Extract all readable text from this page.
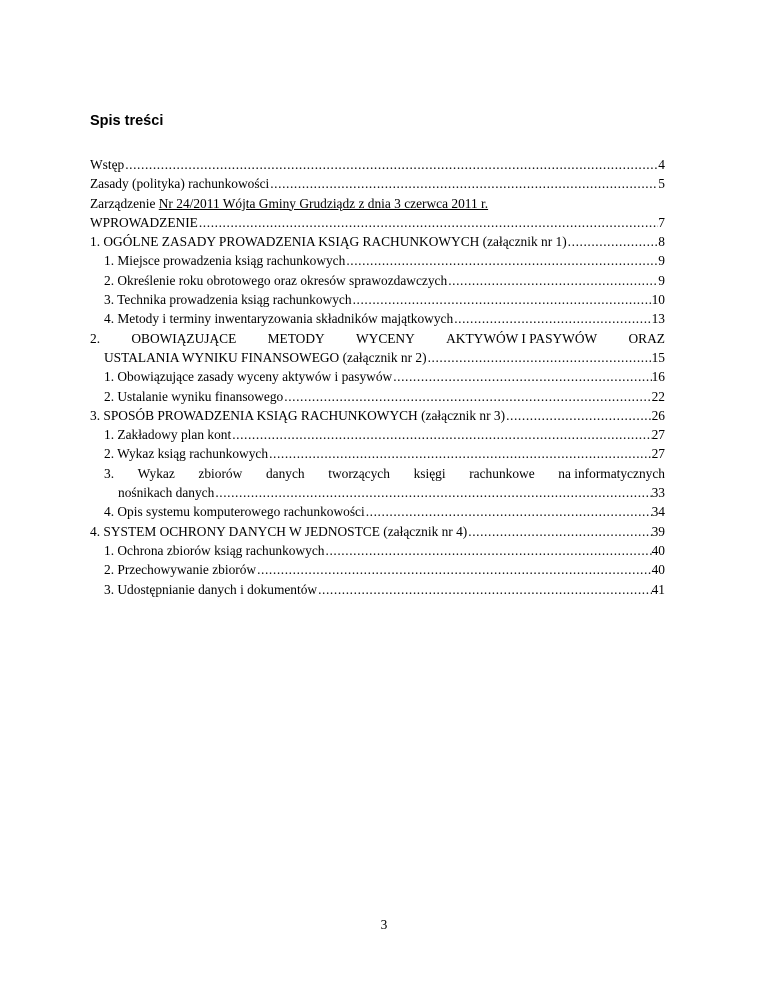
Spis treści
Wstęp .....	4
Zasady (polityka) rachunkowości .....	5
Zarządzenie Nr 24/2011 Wójta Gminy Grudziądz z dnia 3 czerwca 2011 r.
WPROWADZENIE .....	7
1. OGÓLNE ZASADY PROWADZENIA KSIĄG RACHUNKOWYCH (załącznik nr 1) .....	8
1. Miejsce prowadzenia ksiąg rachunkowych .....	9
2. Określenie roku obrotowego oraz okresów sprawozdawczych .....	9
3. Technika prowadzenia ksiąg rachunkowych .....	10
4. Metody i terminy inwentaryzowania składników majątkowych .....	13
2. OBOWIĄZUJĄCE METODY WYCENY AKTYWÓW I PASYWÓW ORAZ
USTALANIA WYNIKU FINANSOWEGO (załącznik nr 2) .....	15
1. Obowiązujące zasady wyceny aktywów i pasywów .....	16
2. Ustalanie wyniku finansowego .....	22
3. SPOSÓB PROWADZENIA KSIĄG RACHUNKOWYCH (załącznik nr 3) .....	26
1. Zakładowy plan kont .....	27
2. Wykaz ksiąg rachunkowych .....	27
3. Wykaz zbiorów danych tworzących księgi rachunkowe na informatycznych
nośnikach danych .....	33
4. Opis systemu komputerowego rachunkowości .....	34
4. SYSTEM OCHRONY DANYCH W JEDNOSTCE (załącznik nr 4) .....	39
1. Ochrona zbiorów ksiąg rachunkowych .....	40
2. Przechowywanie zbiorów .....	40
3. Udostępnianie danych i dokumentów .....	41
3
